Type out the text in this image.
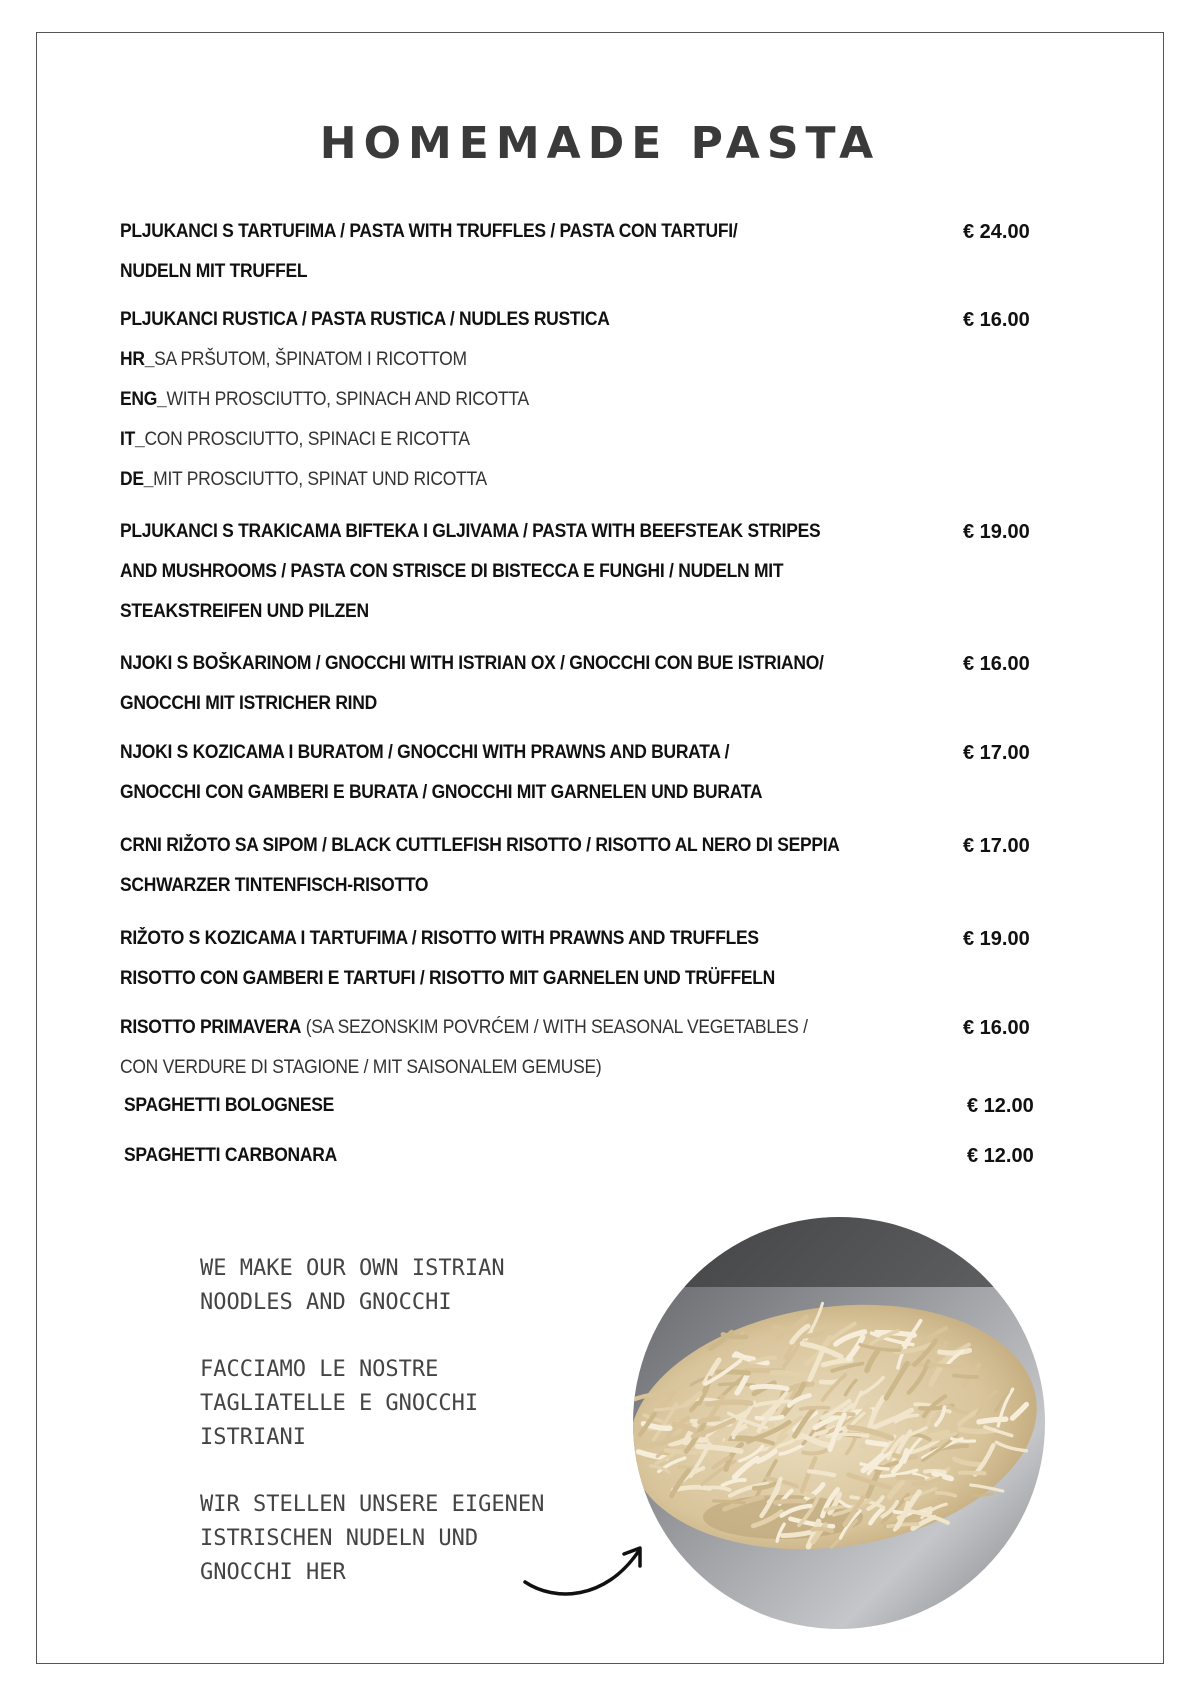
HOMEMADE PASTA
PLJUKANCI S TARTUFIMA / PASTA WITH TRUFFLES / PASTA CON TARTUFI/
NUDELN MIT TRUFFEL
€ 24.00
PLJUKANCI RUSTICA / PASTA RUSTICA / NUDLES RUSTICA
HR_SA PRŠUTOM, ŠPINATOM I RICOTTOM
ENG_WITH PROSCIUTTO, SPINACH AND RICOTTA
IT_CON PROSCIUTTO, SPINACI E RICOTTA
DE_MIT PROSCIUTTO, SPINAT UND RICOTTA
€ 16.00
PLJUKANCI S TRAKICAMA BIFTEKA I GLJIVAMA / PASTA WITH BEEFSTEAK STRIPES
AND MUSHROOMS / PASTA CON STRISCE DI BISTECCA E FUNGHI / NUDELN MIT
STEAKSTREIFEN UND PILZEN
€ 19.00
NJOKI S BOŠKARINOM / GNOCCHI WITH ISTRIAN OX / GNOCCHI CON BUE ISTRIANO/
GNOCCHI MIT ISTRICHER RIND
€ 16.00
NJOKI S KOZICAMA I BURATOM / GNOCCHI WITH PRAWNS AND BURATA /
GNOCCHI CON GAMBERI E BURATA / GNOCCHI MIT GARNELEN UND BURATA
€ 17.00
CRNI RIŽOTO SA SIPOM / BLACK CUTTLEFISH RISOTTO / RISOTTO AL NERO DI SEPPIA
SCHWARZER TINTENFISCH-RISOTTO
€ 17.00
RIŽOTO S KOZICAMA I TARTUFIMA / RISOTTO WITH PRAWNS AND TRUFFLES
RISOTTO CON GAMBERI E TARTUFI / RISOTTO MIT GARNELEN UND TRÜFFELN
€ 19.00
RISOTTO PRIMAVERA (SA SEZONSKIM POVRĆEM / WITH SEASONAL VEGETABLES /
CON VERDURE DI STAGIONE / MIT SAISONALEM GEMUSE)
€ 16.00
SPAGHETTI BOLOGNESE	€ 12.00
SPAGHETTI CARBONARA	€ 12.00

WE MAKE OUR OWN ISTRIAN
NOODLES AND GNOCCHI

FACCIAMO LE NOSTRE
TAGLIATELLE E GNOCCHI
ISTRIANI

WIR STELLEN UNSERE EIGENEN
ISTRISCHEN NUDELN UND
GNOCCHI HER
